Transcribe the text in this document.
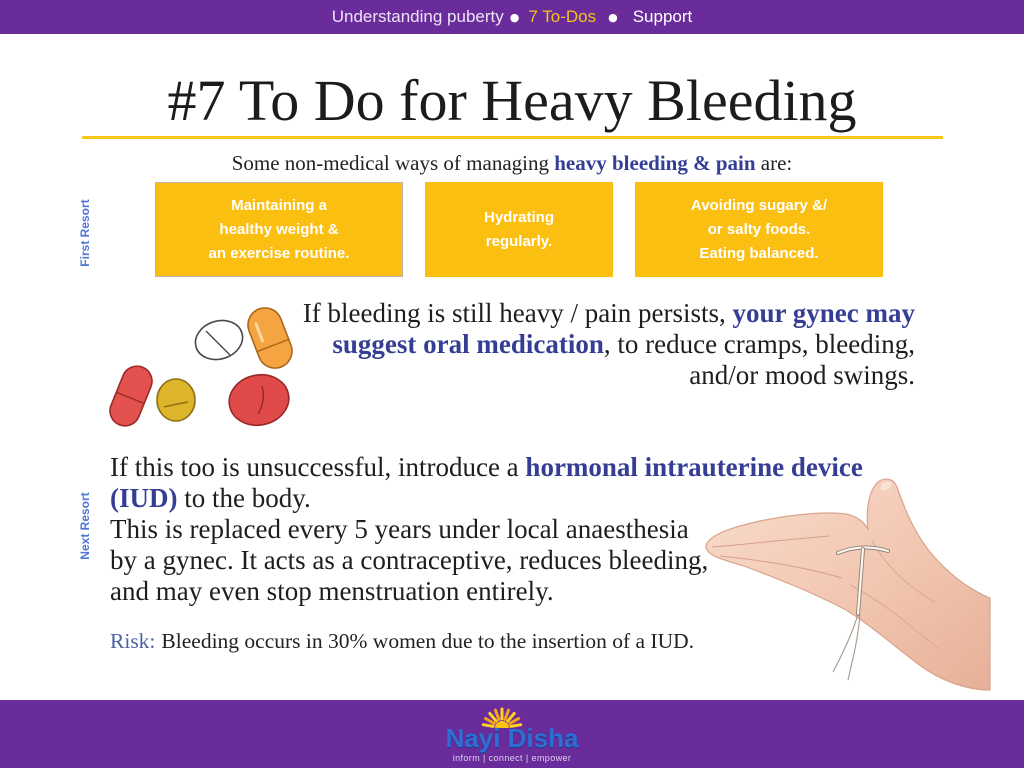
Understanding puberty ● 7 To-Dos ● Support
#7 To Do for Heavy Bleeding
Some non-medical ways of managing heavy bleeding & pain are:
First Resort	Maintaining a
healthy weight &
an exercise routine.
Hydrating
regularly.
Avoiding sugary &/
or salty foods.
Eating balanced.
If bleeding is still heavy / pain persists, your gynec may
suggest oral medication, to reduce cramps, bleeding,
and/or mood swings.
Next Resort
If this too is unsuccessful, introduce a hormonal intrauterine device
(IUD) to the body.
This is replaced every 5 years under local anaesthesia
by a gynec. It acts as a contraceptive, reduces bleeding,
and may even stop menstruation entirely.
Risk: Bleeding occurs in 30% women due to the insertion of a IUD.
Nayi Disha
inform | connect | empower
